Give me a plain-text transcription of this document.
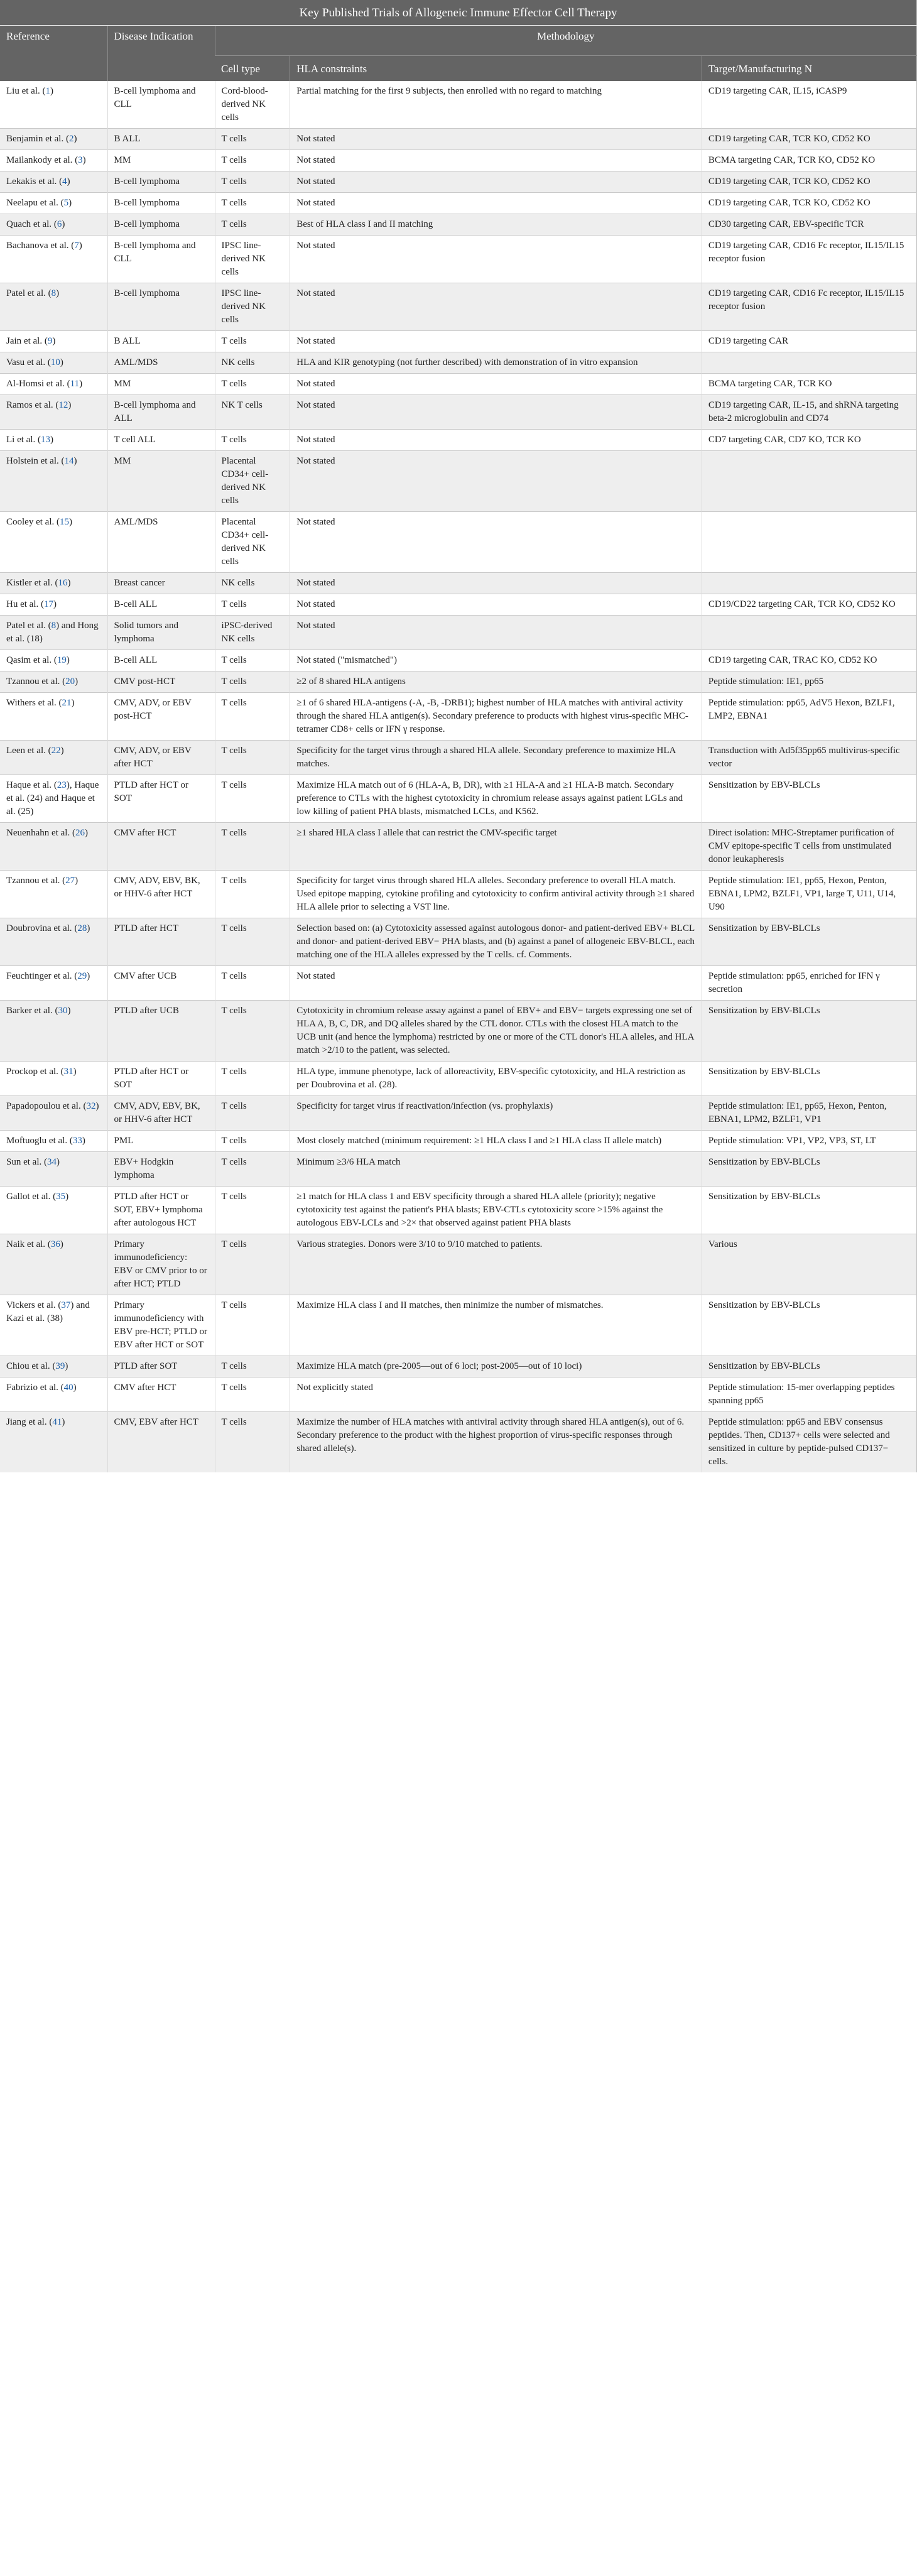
Key Published Trials of Allogeneic Immune Effector Cell Therapy				
Reference	Disease Indication	Methodology		
		Cell type	HLA constraints	Target/Manufacturing N
Liu et al. (1)	B-cell lymphoma and CLL	Cord-blood-derived NK cells	Partial matching for the first 9 subjects, then enrolled with no regard to matching	CD19 targeting CAR, IL15, iCASP9
Benjamin et al. (2)	B ALL	T cells	Not stated	CD19 targeting CAR, TCR KO, CD52 KO
Mailankody et al. (3)	MM	T cells	Not stated	BCMA targeting CAR, TCR KO, CD52 KO
Lekakis et al. (4)	B-cell lymphoma	T cells	Not stated	CD19 targeting CAR, TCR KO, CD52 KO
Neelapu et al. (5)	B-cell lymphoma	T cells	Not stated	CD19 targeting CAR, TCR KO, CD52 KO
Quach et al. (6)	B-cell lymphoma	T cells	Best of HLA class I and II matching	CD30 targeting CAR, EBV-specific TCR
Bachanova et al. (7)	B-cell lymphoma and CLL	IPSC line-derived NK cells	Not stated	CD19 targeting CAR, CD16 Fc receptor, IL15/IL15 receptor fusion
Patel et al. (8)	B-cell lymphoma	IPSC line-derived NK cells	Not stated	CD19 targeting CAR, CD16 Fc receptor, IL15/IL15 receptor fusion
Jain et al. (9)	B ALL	T cells	Not stated	CD19 targeting CAR
Vasu et al. (10)	AML/MDS	NK cells	HLA and KIR genotyping (not further described) with demonstration of in vitro expansion	
Al-Homsi et al. (11)	MM	T cells	Not stated	BCMA targeting CAR, TCR KO
Ramos et al. (12)	B-cell lymphoma and ALL	NK T cells	Not stated	CD19 targeting CAR, IL-15, and shRNA targeting beta-2 microglobulin and CD74
Li et al. (13)	T cell ALL	T cells	Not stated	CD7 targeting CAR, CD7 KO, TCR KO
Holstein et al. (14)	MM	Placental CD34+ cell-derived NK cells	Not stated	
Cooley et al. (15)	AML/MDS	Placental CD34+ cell-derived NK cells	Not stated	
Kistler et al. (16)	Breast cancer	NK cells	Not stated	
Hu et al. (17)	B-cell ALL	T cells	Not stated	CD19/CD22 targeting CAR, TCR KO, CD52 KO
Patel et al. (8) and Hong et al. (18)	Solid tumors and lymphoma	iPSC-derived NK cells	Not stated	
Qasim et al. (19)	B-cell ALL	T cells	Not stated ("mismatched")	CD19 targeting CAR, TRAC KO, CD52 KO
Tzannou et al. (20)	CMV post-HCT	T cells	≥2 of 8 shared HLA antigens	Peptide stimulation: IE1, pp65
Withers et al. (21)	CMV, ADV, or EBV post-HCT	T cells	≥1 of 6 shared HLA-antigens (-A, -B, -DRB1); highest number of HLA matches with antiviral activity through the shared HLA antigen(s). Secondary preference to products with highest virus-specific MHC-tetramer CD8+ cells or IFN γ response.	Peptide stimulation: pp65, AdV5 Hexon, BZLF1, LMP2, EBNA1
Leen et al. (22)	CMV, ADV, or EBV after HCT	T cells	Specificity for the target virus through a shared HLA allele. Secondary preference to maximize HLA matches.	Transduction with Ad5f35pp65 multivirus-specific vector
Haque et al. (23), Haque et al. (24) and Haque et al. (25)	PTLD after HCT or SOT	T cells	Maximize HLA match out of 6 (HLA-A, B, DR), with ≥1 HLA-A and ≥1 HLA-B match. Secondary preference to CTLs with the highest cytotoxicity in chromium release assays against patient LGLs and low killing of patient PHA blasts, mismatched LCLs, and K562.	Sensitization by EBV-BLCLs
Neuenhahn et al. (26)	CMV after HCT	T cells	≥1 shared HLA class I allele that can restrict the CMV-specific target	Direct isolation: MHC-Streptamer purification of CMV epitope-specific T cells from unstimulated donor leukapheresis
Tzannou et al. (27)	CMV, ADV, EBV, BK, or HHV-6 after HCT	T cells	Specificity for target virus through shared HLA alleles. Secondary preference to overall HLA match. Used epitope mapping, cytokine profiling and cytotoxicity to confirm antiviral activity through ≥1 shared HLA allele prior to selecting a VST line.	Peptide stimulation: IE1, pp65, Hexon, Penton, EBNA1, LPM2, BZLF1, VP1, large T, U11, U14, U90
Doubrovina et al. (28)	PTLD after HCT	T cells	Selection based on: (a) Cytotoxicity assessed against autologous donor- and patient-derived EBV+ BLCL and donor- and patient-derived EBV− PHA blasts, and (b) against a panel of allogeneic EBV-BLCL, each matching one of the HLA alleles expressed by the T cells. cf. Comments.	Sensitization by EBV-BLCLs
Feuchtinger et al. (29)	CMV after UCB	T cells	Not stated	Peptide stimulation: pp65, enriched for IFN γ secretion
Barker et al. (30)	PTLD after UCB	T cells	Cytotoxicity in chromium release assay against a panel of EBV+ and EBV− targets expressing one set of HLA A, B, C, DR, and DQ alleles shared by the CTL donor. CTLs with the closest HLA match to the UCB unit (and hence the lymphoma) restricted by one or more of the CTL donor's HLA alleles, and HLA match >2/10 to the patient, was selected.	Sensitization by EBV-BLCLs
Prockop et al. (31)	PTLD after HCT or SOT	T cells	HLA type, immune phenotype, lack of alloreactivity, EBV-specific cytotoxicity, and HLA restriction as per Doubrovina et al. (28).	Sensitization by EBV-BLCLs
Papadopoulou et al. (32)	CMV, ADV, EBV, BK, or HHV-6 after HCT	T cells	Specificity for target virus if reactivation/infection (vs. prophylaxis)	Peptide stimulation: IE1, pp65, Hexon, Penton, EBNA1, LPM2, BZLF1, VP1
Moftuoglu et al. (33)	PML	T cells	Most closely matched (minimum requirement: ≥1 HLA class I and ≥1 HLA class II allele match)	Peptide stimulation: VP1, VP2, VP3, ST, LT
Sun et al. (34)	EBV+ Hodgkin lymphoma	T cells	Minimum ≥3/6 HLA match	Sensitization by EBV-BLCLs
Gallot et al. (35)	PTLD after HCT or SOT, EBV+ lymphoma after autologous HCT	T cells	≥1 match for HLA class 1 and EBV specificity through a shared HLA allele (priority); negative cytotoxicity test against the patient's PHA blasts; EBV-CTLs cytotoxicity score >15% against the autologous EBV-LCLs and >2× that observed against patient PHA blasts	Sensitization by EBV-BLCLs
Naik et al. (36)	Primary immunodeficiency: EBV or CMV prior to or after HCT; PTLD	T cells	Various strategies. Donors were 3/10 to 9/10 matched to patients.	Various
Vickers et al. (37) and Kazi et al. (38)	Primary immunodeficiency with EBV pre-HCT; PTLD or EBV after HCT or SOT	T cells	Maximize HLA class I and II matches, then minimize the number of mismatches.	Sensitization by EBV-BLCLs
Chiou et al. (39)	PTLD after SOT	T cells	Maximize HLA match (pre-2005—out of 6 loci; post-2005—out of 10 loci)	Sensitization by EBV-BLCLs
Fabrizio et al. (40)	CMV after HCT	T cells	Not explicitly stated	Peptide stimulation: 15-mer overlapping peptides spanning pp65
Jiang et al. (41)	CMV, EBV after HCT	T cells	Maximize the number of HLA matches with antiviral activity through shared HLA antigen(s), out of 6. Secondary preference to the product with the highest proportion of virus-specific responses through shared allele(s).	Peptide stimulation: pp65 and EBV consensus peptides. Then, CD137+ cells were selected and sensitized in culture by peptide-pulsed CD137− cells.
